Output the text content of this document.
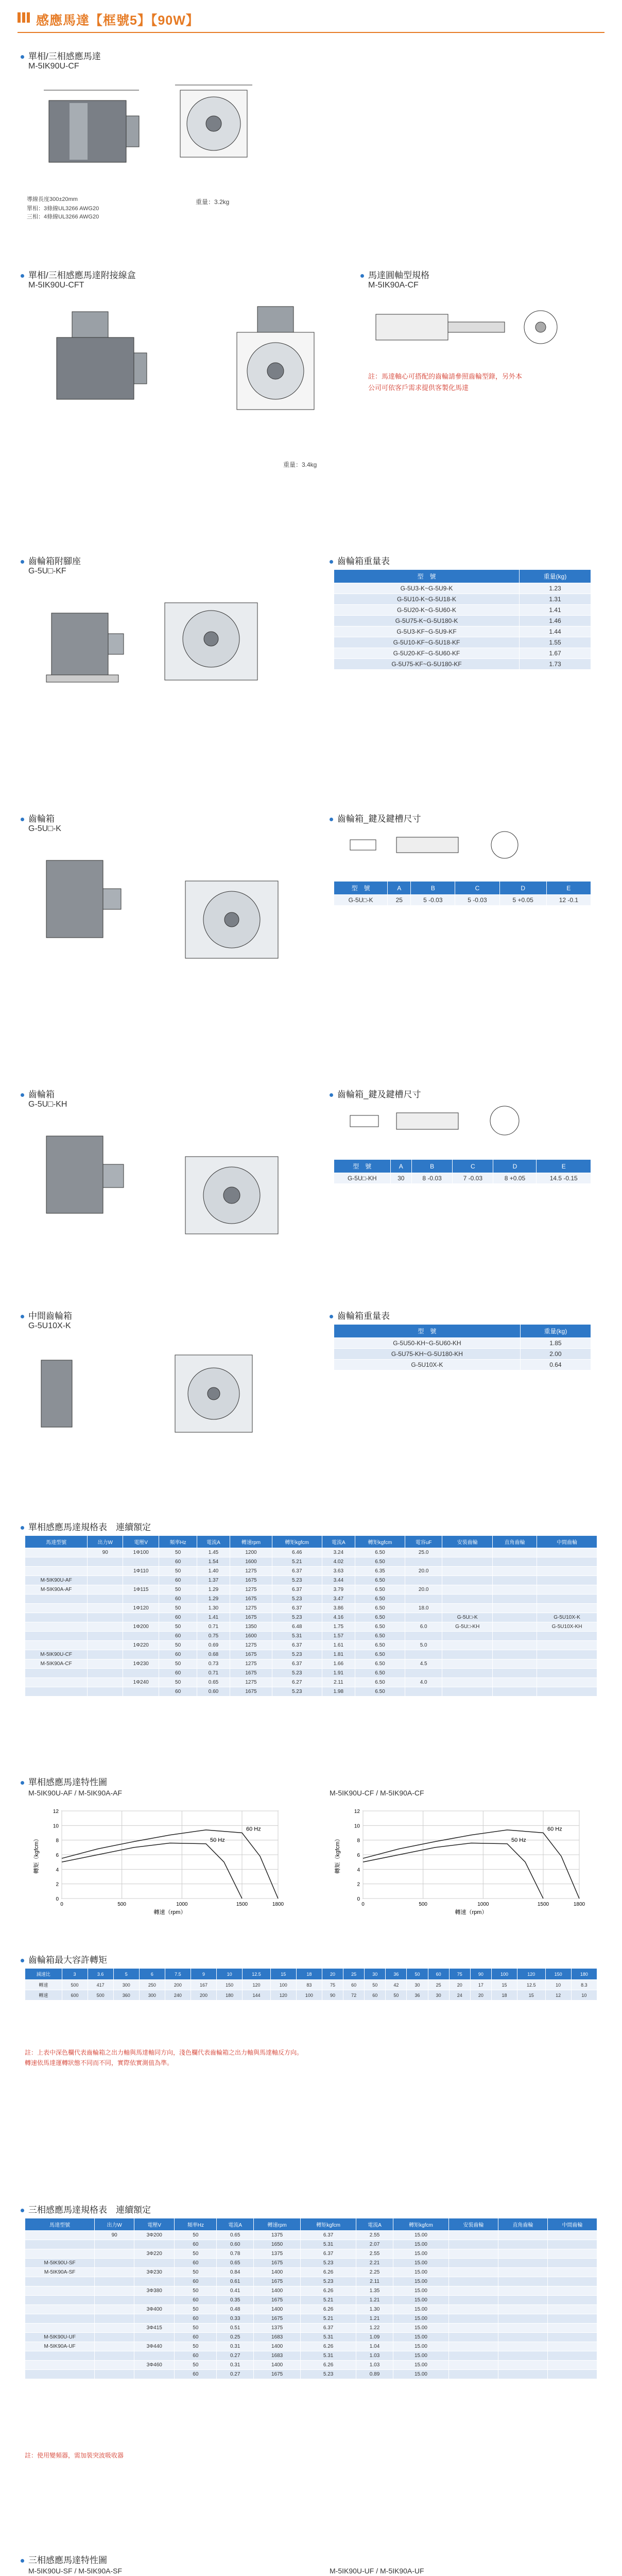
感應馬達【框號5】【90W】
單相/三相感應馬達
M-5IK90U-CF
導線長度300±20mm
單相：3條線UL3266 AWG20
三相：4條線UL3266 AWG20
重量：3.2kg
單相/三相感應馬達附接線盒
M-5IK90U-CFT
重量：3.4kg
馬達圓軸型規格
M-5IK90A-CF
註：馬達軸心可搭配的齒輪請參照齒輪型錄，另外本公司可依客戶需求提供客製化馬達
齒輪箱附腳座
G-5U□-KF
齒輪箱重量表
型　號	重量(kg)
G-5U3-K~G-5U9-K	1.23
G-5U10-K~G-5U18-K	1.31
G-5U20-K~G-5U60-K	1.41
G-5U75-K~G-5U180-K	1.46
G-5U3-KF~G-5U9-KF	1.44
G-5U10-KF~G-5U18-KF	1.55
G-5U20-KF~G-5U60-KF	1.67
G-5U75-KF~G-5U180-KF	1.73
齒輪箱
G-5U□-K
齒輪箱_鍵及鍵槽尺寸
型　號	A	B	C	D	E
G-5U□-K	25	5 -0.03	5 -0.03	5 +0.05	12 -0.1
齒輪箱
G-5U□-KH
齒輪箱_鍵及鍵槽尺寸
型　號	A	B	C	D	E
G-5U□-KH	30	8 -0.03	7 -0.03	8 +0.05	14.5 -0.15
中間齒輪箱
G-5U10X-K
齒輪箱重量表
型　號	重量(kg)
G-5U50-KH~G-5U60-KH	1.85
G-5U75-KH~G-5U180-KH	2.00
G-5U10X-K	0.64
單相感應馬達規格表　連續額定
馬達型號	出力W	電壓V	頻率Hz	電流A	轉速rpm	轉矩kgfcm	電流A	轉矩kgfcm	電容uF	安裝齒輪	直角齒輪	中間齒輪
	90	1Φ100	50	1.45	1200	6.46	3.24	6.50	25.0			
			60	1.54	1600	5.21	4.02	6.50				
		1Φ110	50	1.40	1275	6.37	3.63	6.35	20.0			
M-5IK90U-AF			60	1.37	1675	5.23	3.44	6.50				
M-5IK90A-AF		1Φ115	50	1.29	1275	6.37	3.79	6.50	20.0			
			60	1.29	1675	5.23	3.47	6.50				
		1Φ120	50	1.30	1275	6.37	3.86	6.50	18.0			
			60	1.41	1675	5.23	4.16	6.50		G-5U□-K		G-5U10X-K
		1Φ200	50	0.71	1350	6.48	1.75	6.50	6.0	G-5U□-KH		G-5U10X-KH
			60	0.75	1600	5.31	1.57	6.50				
		1Φ220	50	0.69	1275	6.37	1.61	6.50	5.0			
M-5IK90U-CF			60	0.68	1675	5.23	1.81	6.50				
M-5IK90A-CF		1Φ230	50	0.73	1275	6.37	1.66	6.50	4.5			
			60	0.71	1675	5.23	1.91	6.50				
		1Φ240	50	0.65	1275	6.27	2.11	6.50	4.0			
			60	0.60	1675	5.23	1.98	6.50				
單相感應馬達特性圖
M-5IK90U-AF / M-5IK90A-AF	M-5IK90U-CF / M-5IK90A-CF
0
2
4
6
8
10
12
0	500	1000	1500	1800
60 Hz
50 Hz
轉速（rpm）
轉矩（kgfcm）
0
2
4
6
8
10
12
0	500	1000	1500	1800
60 Hz
50 Hz
轉速（rpm）
轉矩（kgfcm）
齒輪箱最大容許轉矩
減速比	3	3.6	5	6	7.5	9	10	12.5	15	18	20	25	30	36	50	60	75	90	100	120	150	180
轉速	500	417	300	250	200	167	150	120	100	83	75	60	50	42	30	25	20	17	15	12.5	10	8.3
轉速	600	500	360	300	240	200	180	144	120	100	90	72	60	50	36	30	24	20	18	15	12	10
註：上表中深色欄代表齒輪箱之出力軸與馬達軸同方向，淺色欄代表齒輪箱之出力軸與馬達軸反方向。
轉速依馬達運轉狀態不同而不同，實際依實測值為準。
三相感應馬達規格表　連續額定
馬達型號	出力W	電壓V	頻率Hz	電流A	轉速rpm	轉矩kgfcm	電流A	轉矩kgfcm	安裝齒輪	直角齒輪	中間齒輪
	90	3Φ200	50	0.65	1375	6.37	2.55	15.00			
			60	0.60	1650	5.31	2.07	15.00			
		3Φ220	50	0.78	1375	6.37	2.55	15.00			
M-5IK90U-SF			60	0.65	1675	5.23	2.21	15.00			
M-5IK90A-SF		3Φ230	50	0.84	1400	6.26	2.25	15.00			
			60	0.61	1675	5.23	2.11	15.00			
		3Φ380	50	0.41	1400	6.26	1.35	15.00			
			60	0.35	1675	5.21	1.21	15.00			
		3Φ400	50	0.48	1400	6.26	1.30	15.00			
			60	0.33	1675	5.21	1.21	15.00			
		3Φ415	50	0.51	1375	6.37	1.22	15.00			
M-5IK90U-UF			60	0.25	1683	5.31	1.09	15.00			
M-5IK90A-UF		3Φ440	50	0.31	1400	6.26	1.04	15.00			
			60	0.27	1683	5.31	1.03	15.00			
		3Φ460	50	0.31	1400	6.26	1.03	15.00			
			60	0.27	1675	5.23	0.89	15.00			
註：使用變頻器，需加裝突波吸收器
三相感應馬達特性圖
M-5IK90U-SF / M-5IK90A-SF	M-5IK90U-UF / M-5IK90A-UF
